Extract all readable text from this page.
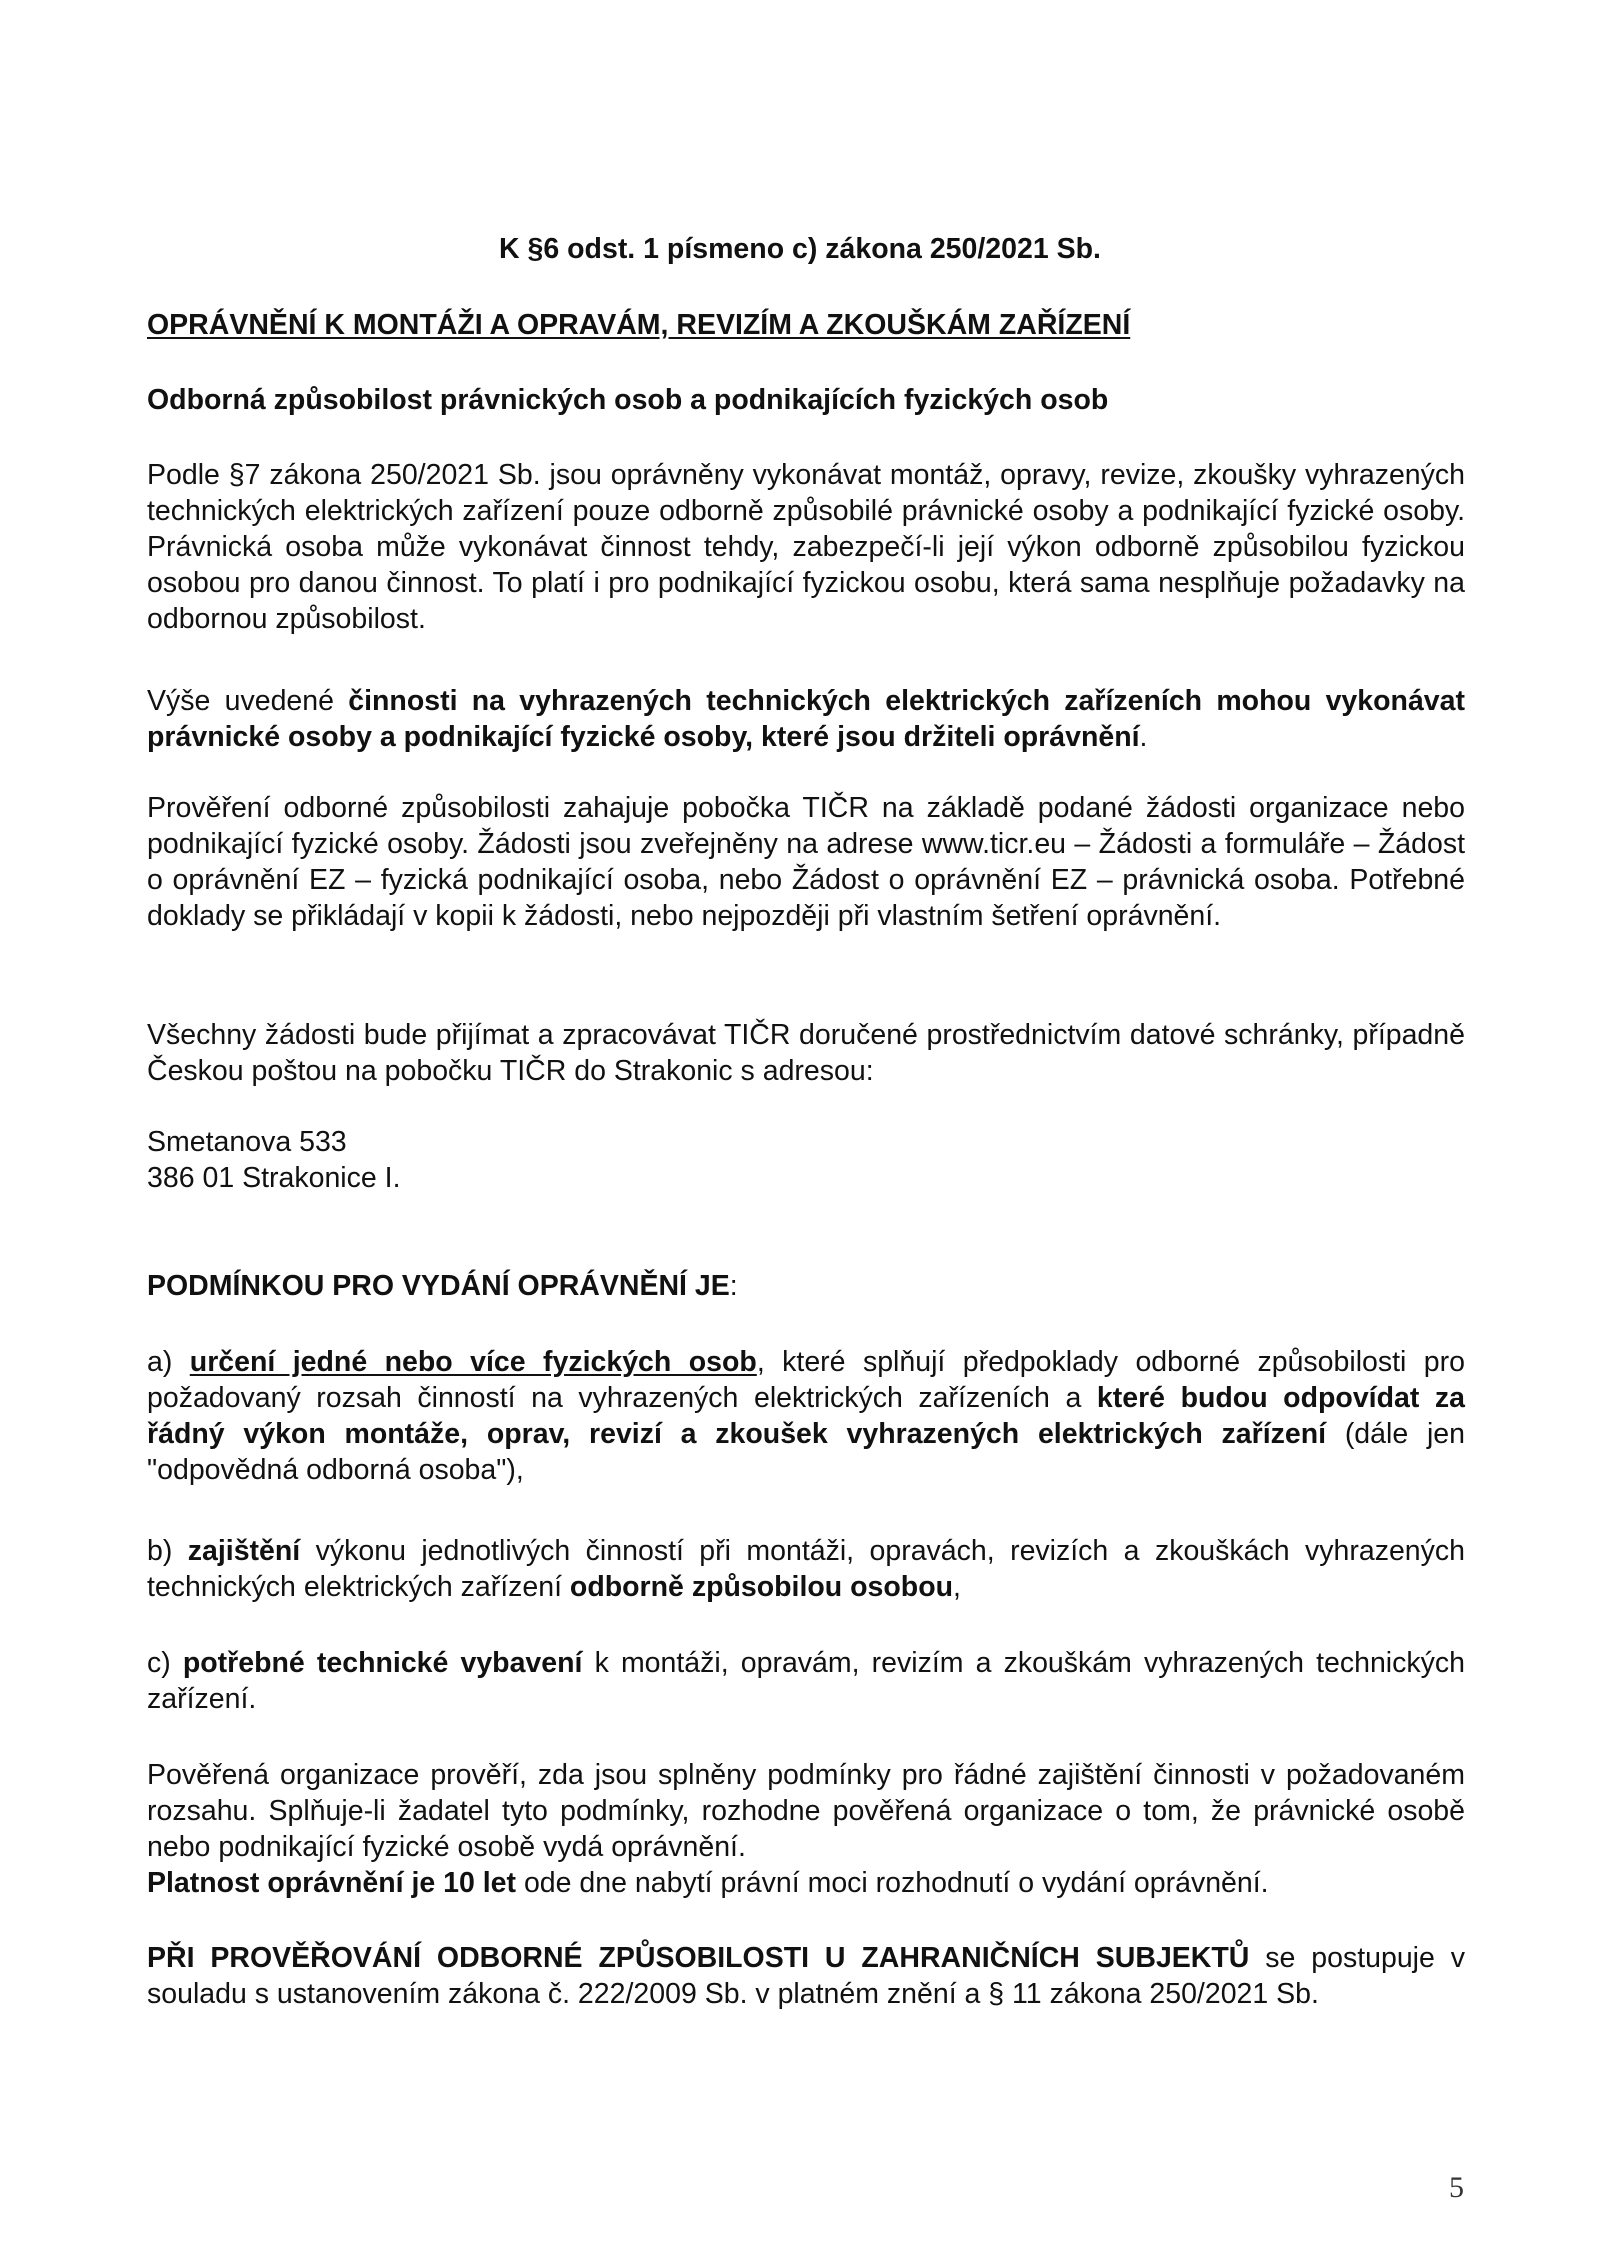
K §6 odst. 1 písmeno c) zákona 250/2021 Sb.

OPRÁVNĚNÍ K MONTÁŽI A OPRAVÁM, REVIZÍM A ZKOUŠKÁM ZAŘÍZENÍ

Odborná způsobilost právnických osob a podnikajících fyzických osob

Podle §7 zákona 250/2021 Sb. jsou oprávněny vykonávat montáž, opravy, revize, zkoušky vyhrazených technických elektrických zařízení pouze odborně způsobilé právnické osoby a podnikající fyzické osoby. Právnická osoba může vykonávat činnost tehdy, zabezpečí-li její výkon odborně způsobilou fyzickou osobou pro danou činnost. To platí i pro podnikající fyzickou osobu, která sama nesplňuje požadavky na odbornou způsobilost.

Výše uvedené činnosti na vyhrazených technických elektrických zařízeních mohou vykonávat právnické osoby a podnikající fyzické osoby, které jsou držiteli oprávnění.

Prověření odborné způsobilosti zahajuje pobočka TIČR na základě podané žádosti organizace nebo podnikající fyzické osoby. Žádosti jsou zveřejněny na adrese www.ticr.eu – Žádosti a formuláře – Žádost o oprávnění EZ – fyzická podnikající osoba, nebo Žádost o oprávnění EZ – právnická osoba. Potřebné doklady se přikládají v kopii k žádosti, nebo nejpozději při vlastním šetření oprávnění.

Všechny žádosti bude přijímat a zpracovávat TIČR doručené prostřednictvím datové schránky, případně Českou poštou na pobočku TIČR do Strakonic s adresou:

Smetanova 533
386 01 Strakonice I.

PODMÍNKOU PRO VYDÁNÍ OPRÁVNĚNÍ JE:

a) určení jedné nebo více fyzických osob, které splňují předpoklady odborné způsobilosti pro požadovaný rozsah činností na vyhrazených elektrických zařízeních a které budou odpovídat za řádný výkon montáže, oprav, revizí a zkoušek vyhrazených elektrických zařízení (dále jen "odpovědná odborná osoba"),

b) zajištění výkonu jednotlivých činností při montáži, opravách, revizích a zkouškách vyhrazených technických elektrických zařízení odborně způsobilou osobou,

c) potřebné technické vybavení k montáži, opravám, revizím a zkouškám vyhrazených technických zařízení.

Pověřená organizace prověří, zda jsou splněny podmínky pro řádné zajištění činnosti v požadovaném rozsahu. Splňuje-li žadatel tyto podmínky, rozhodne pověřená organizace o tom, že právnické osobě nebo podnikající fyzické osobě vydá oprávnění.

Platnost oprávnění je 10 let ode dne nabytí právní moci rozhodnutí o vydání oprávnění.

PŘI PROVĚŘOVÁNÍ ODBORNÉ ZPŮSOBILOSTI U ZAHRANIČNÍCH SUBJEKTŮ se postupuje v souladu s ustanovením zákona č. 222/2009 Sb. v platném znění a § 11 zákona 250/2021 Sb.

5
